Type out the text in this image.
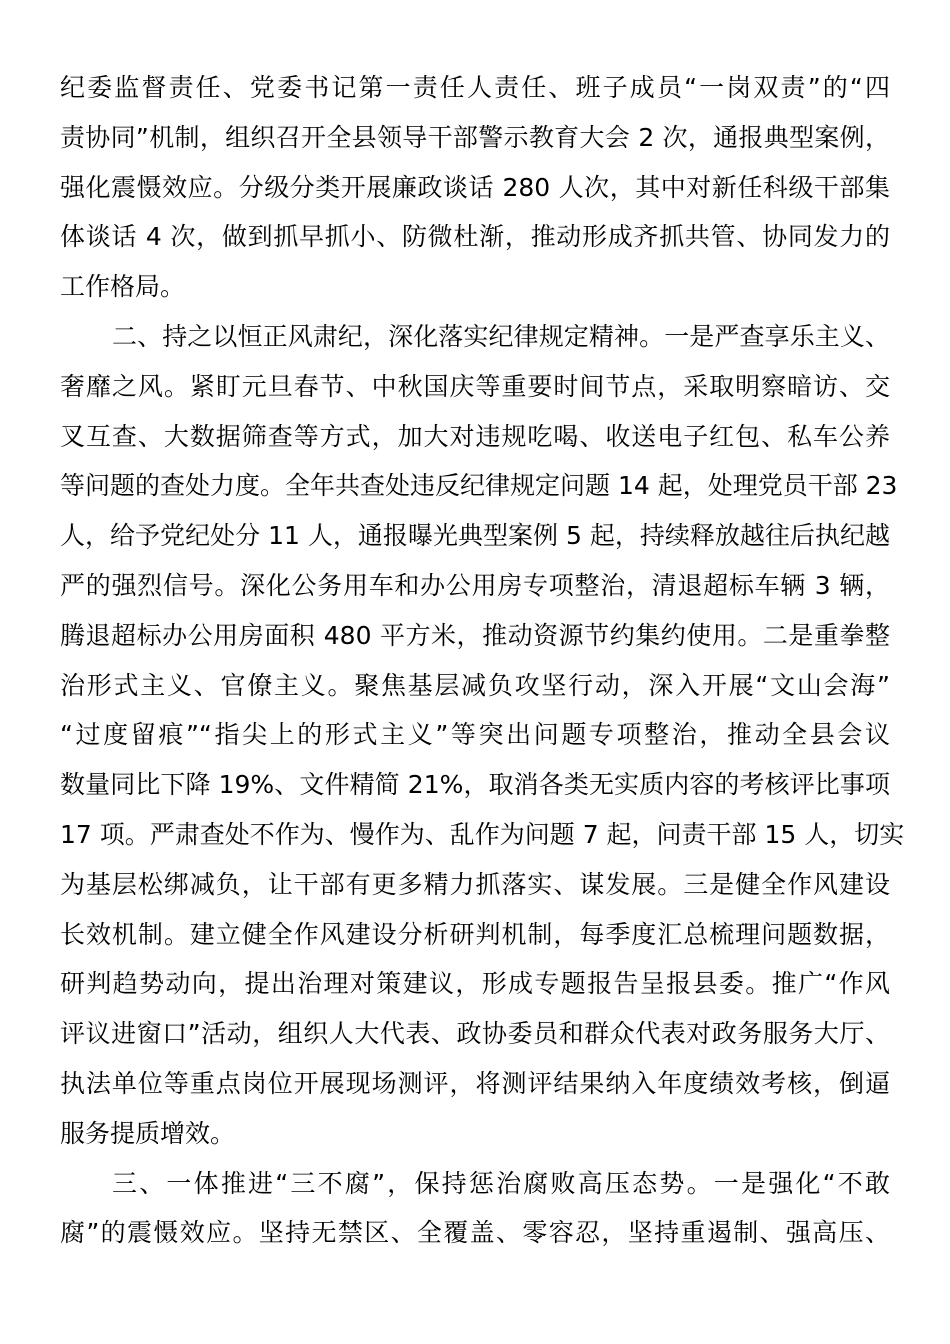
纪委监督责任、党委书记第一责任人责任、班子成员“一岗双责”的“四
责协同”机制，组织召开全县领导干部警示教育大会 2 次，通报典型案例，
强化震慑效应。分级分类开展廉政谈话 280 人次，其中对新任科级干部集
体谈话 4 次，做到抓早抓小、防微杜渐，推动形成齐抓共管、协同发力的
工作格局。
二、持之以恒正风肃纪，深化落实纪律规定精神。一是严查享乐主义、
奢靡之风。紧盯元旦春节、中秋国庆等重要时间节点，采取明察暗访、交
叉互查、大数据筛查等方式，加大对违规吃喝、收送电子红包、私车公养
等问题的查处力度。全年共查处违反纪律规定问题 14 起，处理党员干部 23
人，给予党纪处分 11 人，通报曝光典型案例 5 起，持续释放越往后执纪越
严的强烈信号。深化公务用车和办公用房专项整治，清退超标车辆 3 辆，
腾退超标办公用房面积 480 平方米，推动资源节约集约使用。二是重拳整
治形式主义、官僚主义。聚焦基层减负攻坚行动，深入开展“文山会海”
“过度留痕”“指尖上的形式主义”等突出问题专项整治，推动全县会议
数量同比下降 19%、文件精简 21%，取消各类无实质内容的考核评比事项
17 项。严肃查处不作为、慢作为、乱作为问题 7 起，问责干部 15 人，切实
为基层松绑减负，让干部有更多精力抓落实、谋发展。三是健全作风建设
长效机制。建立健全作风建设分析研判机制，每季度汇总梳理问题数据，
研判趋势动向，提出治理对策建议，形成专题报告呈报县委。推广“作风
评议进窗口”活动，组织人大代表、政协委员和群众代表对政务服务大厅、
执法单位等重点岗位开展现场测评，将测评结果纳入年度绩效考核，倒逼
服务提质增效。
三、一体推进“三不腐”，保持惩治腐败高压态势。一是强化“不敢
腐”的震慑效应。坚持无禁区、全覆盖、零容忍，坚持重遏制、强高压、
